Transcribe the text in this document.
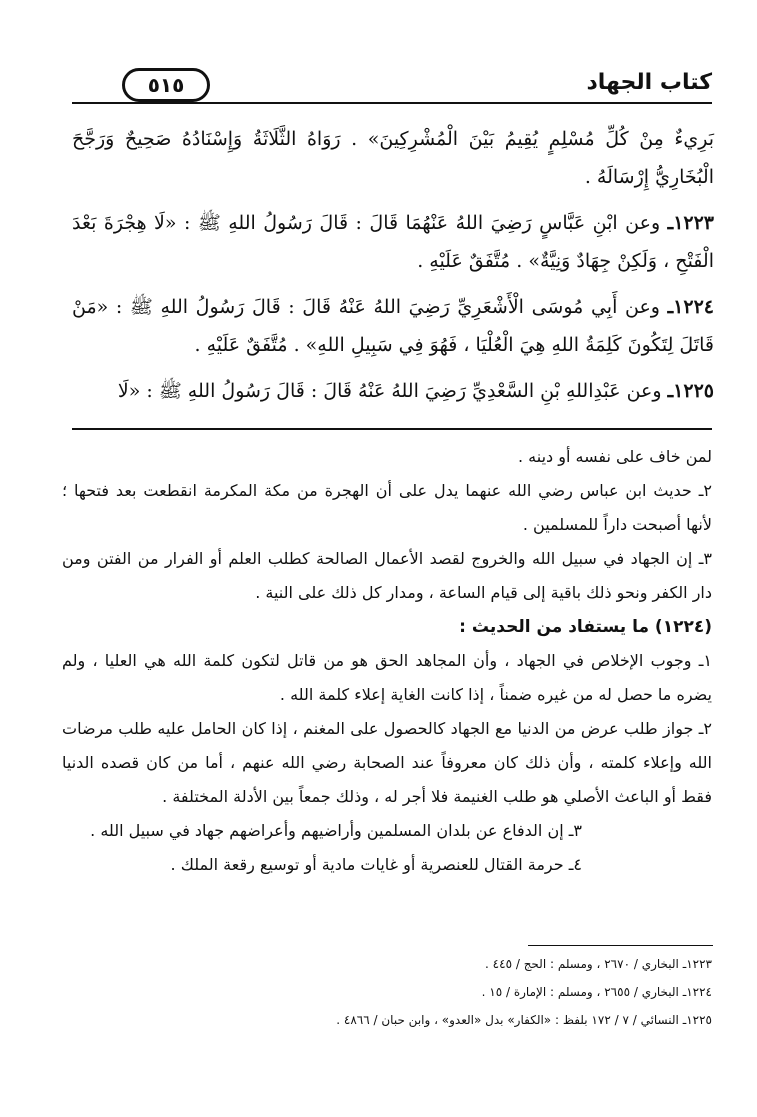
كتاب الجهاد
٥١٥

بَرِيءٌ مِنْ كُلِّ مُسْلِمٍ يُقِيمُ بَيْنَ الْمُشْرِكِينَ» . رَوَاهُ الثَّلَاثَةُ وَإِسْنَادُهُ صَحِيحٌ وَرَجَّحَ الْبُخَارِيُّ إِرْسَالَهُ .

١٢٢٣ـ وعن ابْنِ عَبَّاسٍ رَضِيَ اللهُ عَنْهُمَا قَالَ : قَالَ رَسُولُ اللهِ ﷺ : «لَا هِجْرَةَ بَعْدَ الْفَتْحِ ، وَلَكِنْ جِهَادٌ وَنِيَّةٌ» . مُتَّفَقٌ عَلَيْهِ .

١٢٢٤ـ وعن أَبِي مُوسَى الْأَشْعَرِيِّ رَضِيَ اللهُ عَنْهُ قَالَ : قَالَ رَسُولُ اللهِ ﷺ : «مَنْ قَاتَلَ لِتَكُونَ كَلِمَةُ اللهِ هِيَ الْعُلْيَا ، فَهُوَ فِي سَبِيلِ اللهِ» . مُتَّفَقٌ عَلَيْهِ .

١٢٢٥ـ وعن عَبْدِاللهِ بْنِ السَّعْدِيِّ رَضِيَ اللهُ عَنْهُ قَالَ : قَالَ رَسُولُ اللهِ ﷺ : «لَا

لمن خاف على نفسه أو دينه .

٢ـ حديث ابن عباس رضي الله عنهما يدل على أن الهجرة من مكة المكرمة انقطعت بعد فتحها ؛ لأنها أصبحت داراً للمسلمين .

٣ـ إن الجهاد في سبيل الله والخروج لقصد الأعمال الصالحة كطلب العلم أو الفرار من الفتن ومن دار الكفر ونحو ذلك باقية إلى قيام الساعة ، ومدار كل ذلك على النية .

(١٢٢٤) ما يستفاد من الحديث :

١ـ وجوب الإخلاص في الجهاد ، وأن المجاهد الحق هو من قاتل لتكون كلمة الله هي العليا ، ولم يضره ما حصل له من غيره ضمناً ، إذا كانت الغاية إعلاء كلمة الله .

٢ـ جواز طلب عرض من الدنيا مع الجهاد كالحصول على المغنم ، إذا كان الحامل عليه طلب مرضات الله وإعلاء كلمته ، وأن ذلك كان معروفاً عند الصحابة رضي الله عنهم ، أما من كان قصده الدنيا فقط أو الباعث الأصلي هو طلب الغنيمة فلا أجر له ، وذلك جمعاً بين الأدلة المختلفة .

٣ـ إن الدفاع عن بلدان المسلمين وأراضيهم وأعراضهم جهاد في سبيل الله .

٤ـ حرمة القتال للعنصرية أو غايات مادية أو توسيع رقعة الملك .

١٢٢٣ـ البخاري / ٢٦٧٠ ، ومسلم : الحج / ٤٤٥ .

١٢٢٤ـ البخاري / ٢٦٥٥ ، ومسلم : الإمارة / ١٥ .

١٢٢٥ـ النسائي / ٧ / ١٧٢ بلفظ : «الكفار» بدل «العدو» ، وابن حبان / ٤٨٦٦ .
